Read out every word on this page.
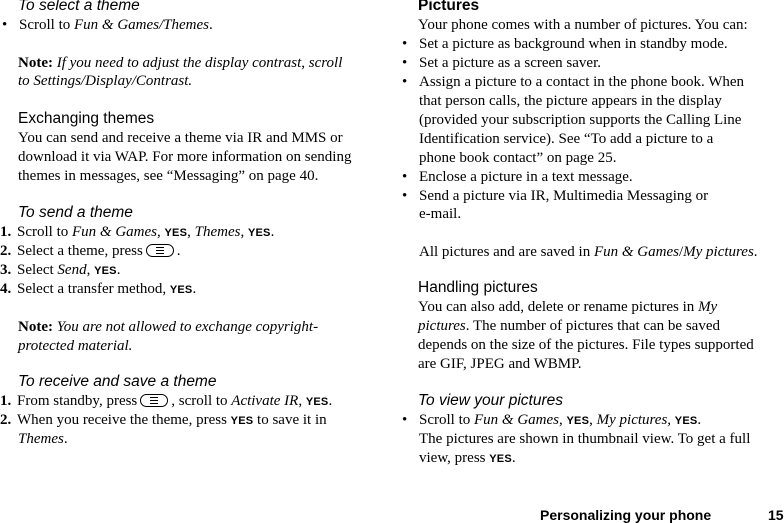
To select a theme
• Scroll to Fun & Games/Themes.
Note: If you need to adjust the display contrast, scroll
to Settings/Display/Contrast.
Exchanging themes
You can send and receive a theme via IR and MMS or
download it via WAP. For more information on sending
themes in messages, see “Messaging” on page 40.
To send a theme
1. Scroll to Fun & Games, YES, Themes, YES.
2. Select a theme, press .
3. Select Send, YES.
4. Select a transfer method, YES.
Note: You are not allowed to exchange copyright-
protected material.
To receive and save a theme
1. From standby, press , scroll to Activate IR, YES.
2. When you receive the theme, press YES to save it in
Themes.
Pictures
Your phone comes with a number of pictures. You can:
• Set a picture as background when in standby mode.
• Set a picture as a screen saver.
• Assign a picture to a contact in the phone book. When
that person calls, the picture appears in the display
(provided your subscription supports the Calling Line
Identification service). See “To add a picture to a
phone book contact” on page 25.
• Enclose a picture in a text message.
• Send a picture via IR, Multimedia Messaging or
e-mail.
All pictures and are saved in Fun & Games/My pictures.
Handling pictures
You can also add, delete or rename pictures in My
pictures. The number of pictures that can be saved
depends on the size of the pictures. File types supported
are GIF, JPEG and WBMP.
To view your pictures
• Scroll to Fun & Games, YES, My pictures, YES.
The pictures are shown in thumbnail view. To get a full
view, press YES.
Personalizing your phone	15
